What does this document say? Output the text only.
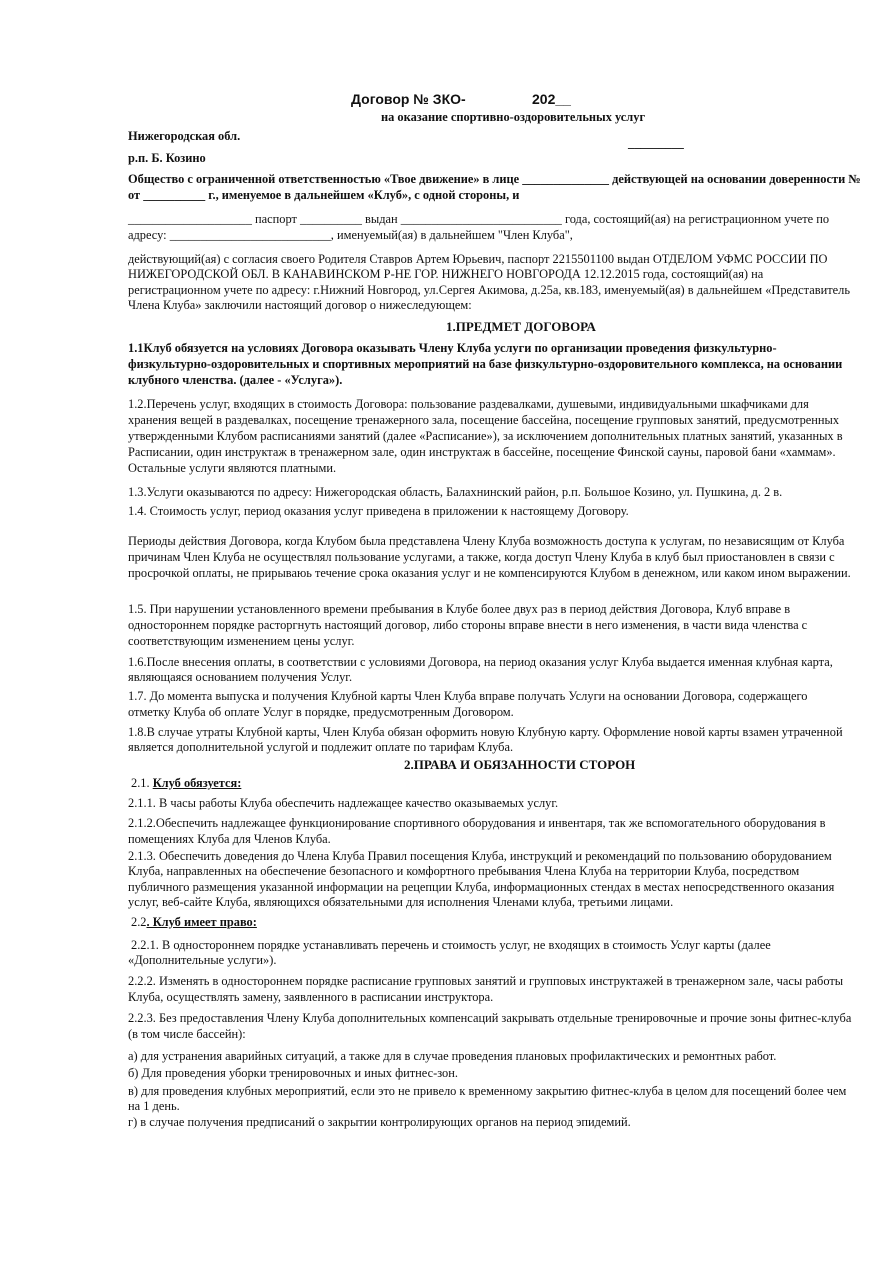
Договор № ЗКО-	202__
на оказание спортивно-оздоровительных услуг
Нижегородская обл.	_________
р.п. Б. Козино
Общество с ограниченной ответственностью «Твое движение» в лице ______________ действующей на основании доверенности №
от __________ г., именуемое в дальнейшем «Клуб», с одной стороны, и
____________________ паспорт __________ выдан __________________________ года, состоящий(ая) на регистрационном учете по
адресу: __________________________, именуемый(ая) в дальнейшем "Член Клуба",
действующий(ая) с согласия своего Родителя Ставров Артем Юрьевич, паспорт 2215501100 выдан ОТДЕЛОМ УФМС РОССИИ ПО
НИЖЕГОРОДСКОЙ ОБЛ. В КАНАВИНСКОМ Р-НЕ ГОР. НИЖНЕГО НОВГОРОДА 12.12.2015 года, состоящий(ая) на
регистрационном учете по адресу: г.Нижний Новгород, ул.Сергея Акимова, д.25а, кв.183, именуемый(ая) в дальнейшем «Представитель
Члена Клуба» заключили настоящий договор о нижеследующем:
1.ПРЕДМЕТ ДОГОВОРА
1.1Клуб обязуется на условиях Договора оказывать Члену Клуба услуги по организации проведения физкультурно-
физкультурно-оздоровительных и спортивных мероприятий на базе физкультурно-оздоровительного комплекса, на основании
клубного членства. (далее - «Услуга»).
1.2.Перечень услуг, входящих в стоимость Договора: пользование раздевалками, душевыми, индивидуальными шкафчиками для
хранения вещей в раздевалках, посещение тренажерного зала, посещение бассейна, посещение групповых занятий, предусмотренных
утвержденными Клубом расписаниями занятий (далее «Расписание»), за исключением дополнительных платных занятий, указанных в
Расписании, один инструктаж в тренажерном зале, один инструктаж в бассейне, посещение Финской сауны, паровой бани «хаммам».
Остальные услуги являются платными.
1.3.Услуги оказываются по адресу: Нижегородская область, Балахнинский район, р.п. Большое Козино, ул. Пушкина, д. 2 в.
1.4. Стоимость услуг, период оказания услуг приведена в приложении к настоящему Договору.
Периоды действия Договора, когда Клубом была представлена Члену Клуба возможность доступа к услугам, по независящим от Клуба
причинам Член Клуба не осуществлял пользование услугами, а также, когда доступ Члену Клуба в клуб был приостановлен в связи с
просрочкой оплаты, не прирываюь течение срока оказания услуг и не компенсируются Клубом в денежном, или каком ином выражении.
1.5. При нарушении установленного времени пребывания в Клубе более двух раз в период действия Договора, Клуб вправе в
одностороннем порядке расторгнуть настоящий договор, либо стороны вправе внести в него изменения, в части вида членства с
соответствующим изменением цены услуг.
1.6.После внесения оплаты, в соответствии с условиями Договора, на период оказания услуг Клуба выдается именная клубная карта,
являющаяся основанием получения Услуг.
1.7. До момента выпуска и получения Клубной карты Член Клуба вправе получать Услуги на основании Договора, содержащего
отметку Клуба об оплате Услуг в порядке, предусмотренным Договором.
1.8.В случае утраты Клубной карты, Член Клуба обязан оформить новую Клубную карту. Оформление новой карты взамен утраченной
является дополнительной услугой и подлежит оплате по тарифам Клуба.
2.ПРАВА И ОБЯЗАННОСТИ СТОРОН
2.1. Клуб обязуется:
2.1.1. В часы работы Клуба обеспечить надлежащее качество оказываемых услуг.
2.1.2.Обеспечить надлежащее функционирование спортивного оборудования и инвентаря, так же вспомогательного оборудования в
помещениях Клуба для Членов Клуба.
2.1.3. Обеспечить доведения до Члена Клуба Правил посещения Клуба, инструкций и рекомендаций по пользованию оборудованием
Клуба, направленных на обеспечение безопасного и комфортного пребывания Члена Клуба на территории Клуба, посредством
публичного размещения указанной информации на рецепции Клуба, информационных стендах в местах непосредственного оказания
услуг, веб-сайте Клуба, являющихся обязательными для исполнения Членами клуба, третьими лицами.
2.2. Клуб имеет право:
2.2.1. В одностороннем порядке устанавливать перечень и стоимость услуг, не входящих в стоимость Услуг карты (далее
«Дополнительные услуги»).
2.2.2. Изменять в одностороннем порядке расписание групповых занятий и групповых инструктажей в тренажерном зале, часы работы
Клуба, осуществлять замену, заявленного в расписании инструктора.
2.2.3. Без предоставления Члену Клуба дополнительных компенсаций закрывать отдельные тренировочные и прочие зоны фитнес-клуба
(в том числе бассейн):
а) для устранения аварийных ситуаций, а также для в случае проведения плановых профилактических и ремонтных работ.
б) Для проведения уборки тренировочных и иных фитнес-зон.
в) для проведения клубных мероприятий, если это не привело к временному закрытию фитнес-клуба в целом для посещений более чем
на 1 день.
г) в случае получения предписаний о закрытии контролирующих органов на период эпидемий.
